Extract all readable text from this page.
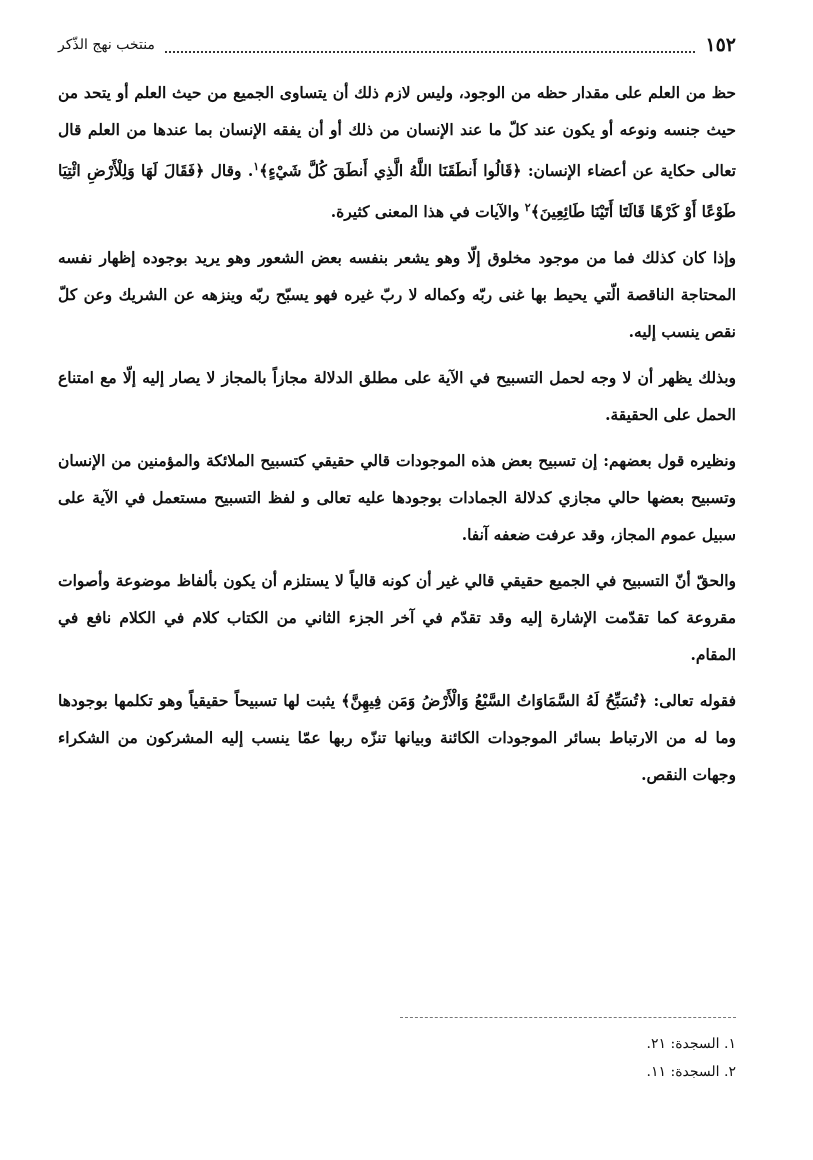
١٥٢
منتخب نهج الذّكر

حظ من العلم على مقدار حظه من الوجود، وليس لازم ذلك أن يتساوى الجميع من حيث العلم أو يتحد من حيث جنسه ونوعه أو يكون عند كلّ ما عند الإنسان من ذلك أو أن يفقه الإنسان بما عندها من العلم قال تعالى حكاية عن أعضاء الإنسان: ﴿قَالُوا أَنطَقَنَا اللَّهُ الَّذِي أَنطَقَ كُلَّ شَيْءٍ﴾$^١$. وقال ﴿فَقَالَ لَهَا وَلِلْأَرْضِ ائْتِيَا طَوْعًا أَوْ كَرْهًا قَالَتَا أَتَيْنَا طَائِعِينَ﴾$^٢$ والآيات في هذا المعنى كثيرة.

وإذا كان كذلك فما من موجود مخلوق إلّا وهو يشعر بنفسه بعض الشعور وهو يريد بوجوده إظهار نفسه المحتاجة الناقصة الّتي يحيط بها غنى ربّه وكماله لا ربّ غيره فهو يسبّح ربّه وينزهه عن الشريك وعن كلّ نقص ينسب إليه.

وبذلك يظهر أن لا وجه لحمل التسبيح في الآية على مطلق الدلالة مجازاً بالمجاز لا يصار إليه إلّا مع امتناع الحمل على الحقيقة.

ونظيره قول بعضهم: إن تسبيح بعض هذه الموجودات قالي حقيقي كتسبيح الملائكة والمؤمنين من الإنسان وتسبيح بعضها حالي مجازي كدلالة الجمادات بوجودها عليه تعالى و لفظ التسبيح مستعمل في الآية على سبيل عموم المجاز، وقد عرفت ضعفه آنفا.

والحقّ أنّ التسبيح في الجميع حقيقي قالي غير أن كونه قالياً لا يستلزم أن يكون بألفاظ موضوعة وأصوات مقروعة كما تقدّمت الإشارة إليه وقد تقدّم في آخر الجزء الثاني من الكتاب كلام في الكلام نافع في المقام.

فقوله تعالى: ﴿تُسَبِّحُ لَهُ السَّمَاوَاتُ السَّبْعُ وَالْأَرْضُ وَمَن فِيهِنَّ﴾ يثبت لها تسبيحاً حقيقياً وهو تكلمها بوجودها وما له من الارتباط بسائر الموجودات الكائنة وبيانها تنزّه ربها عمّا ينسب إليه المشركون من الشكراء وجهات النقص.

١. السجدة: ٢١.

٢. السجدة: ١١.
